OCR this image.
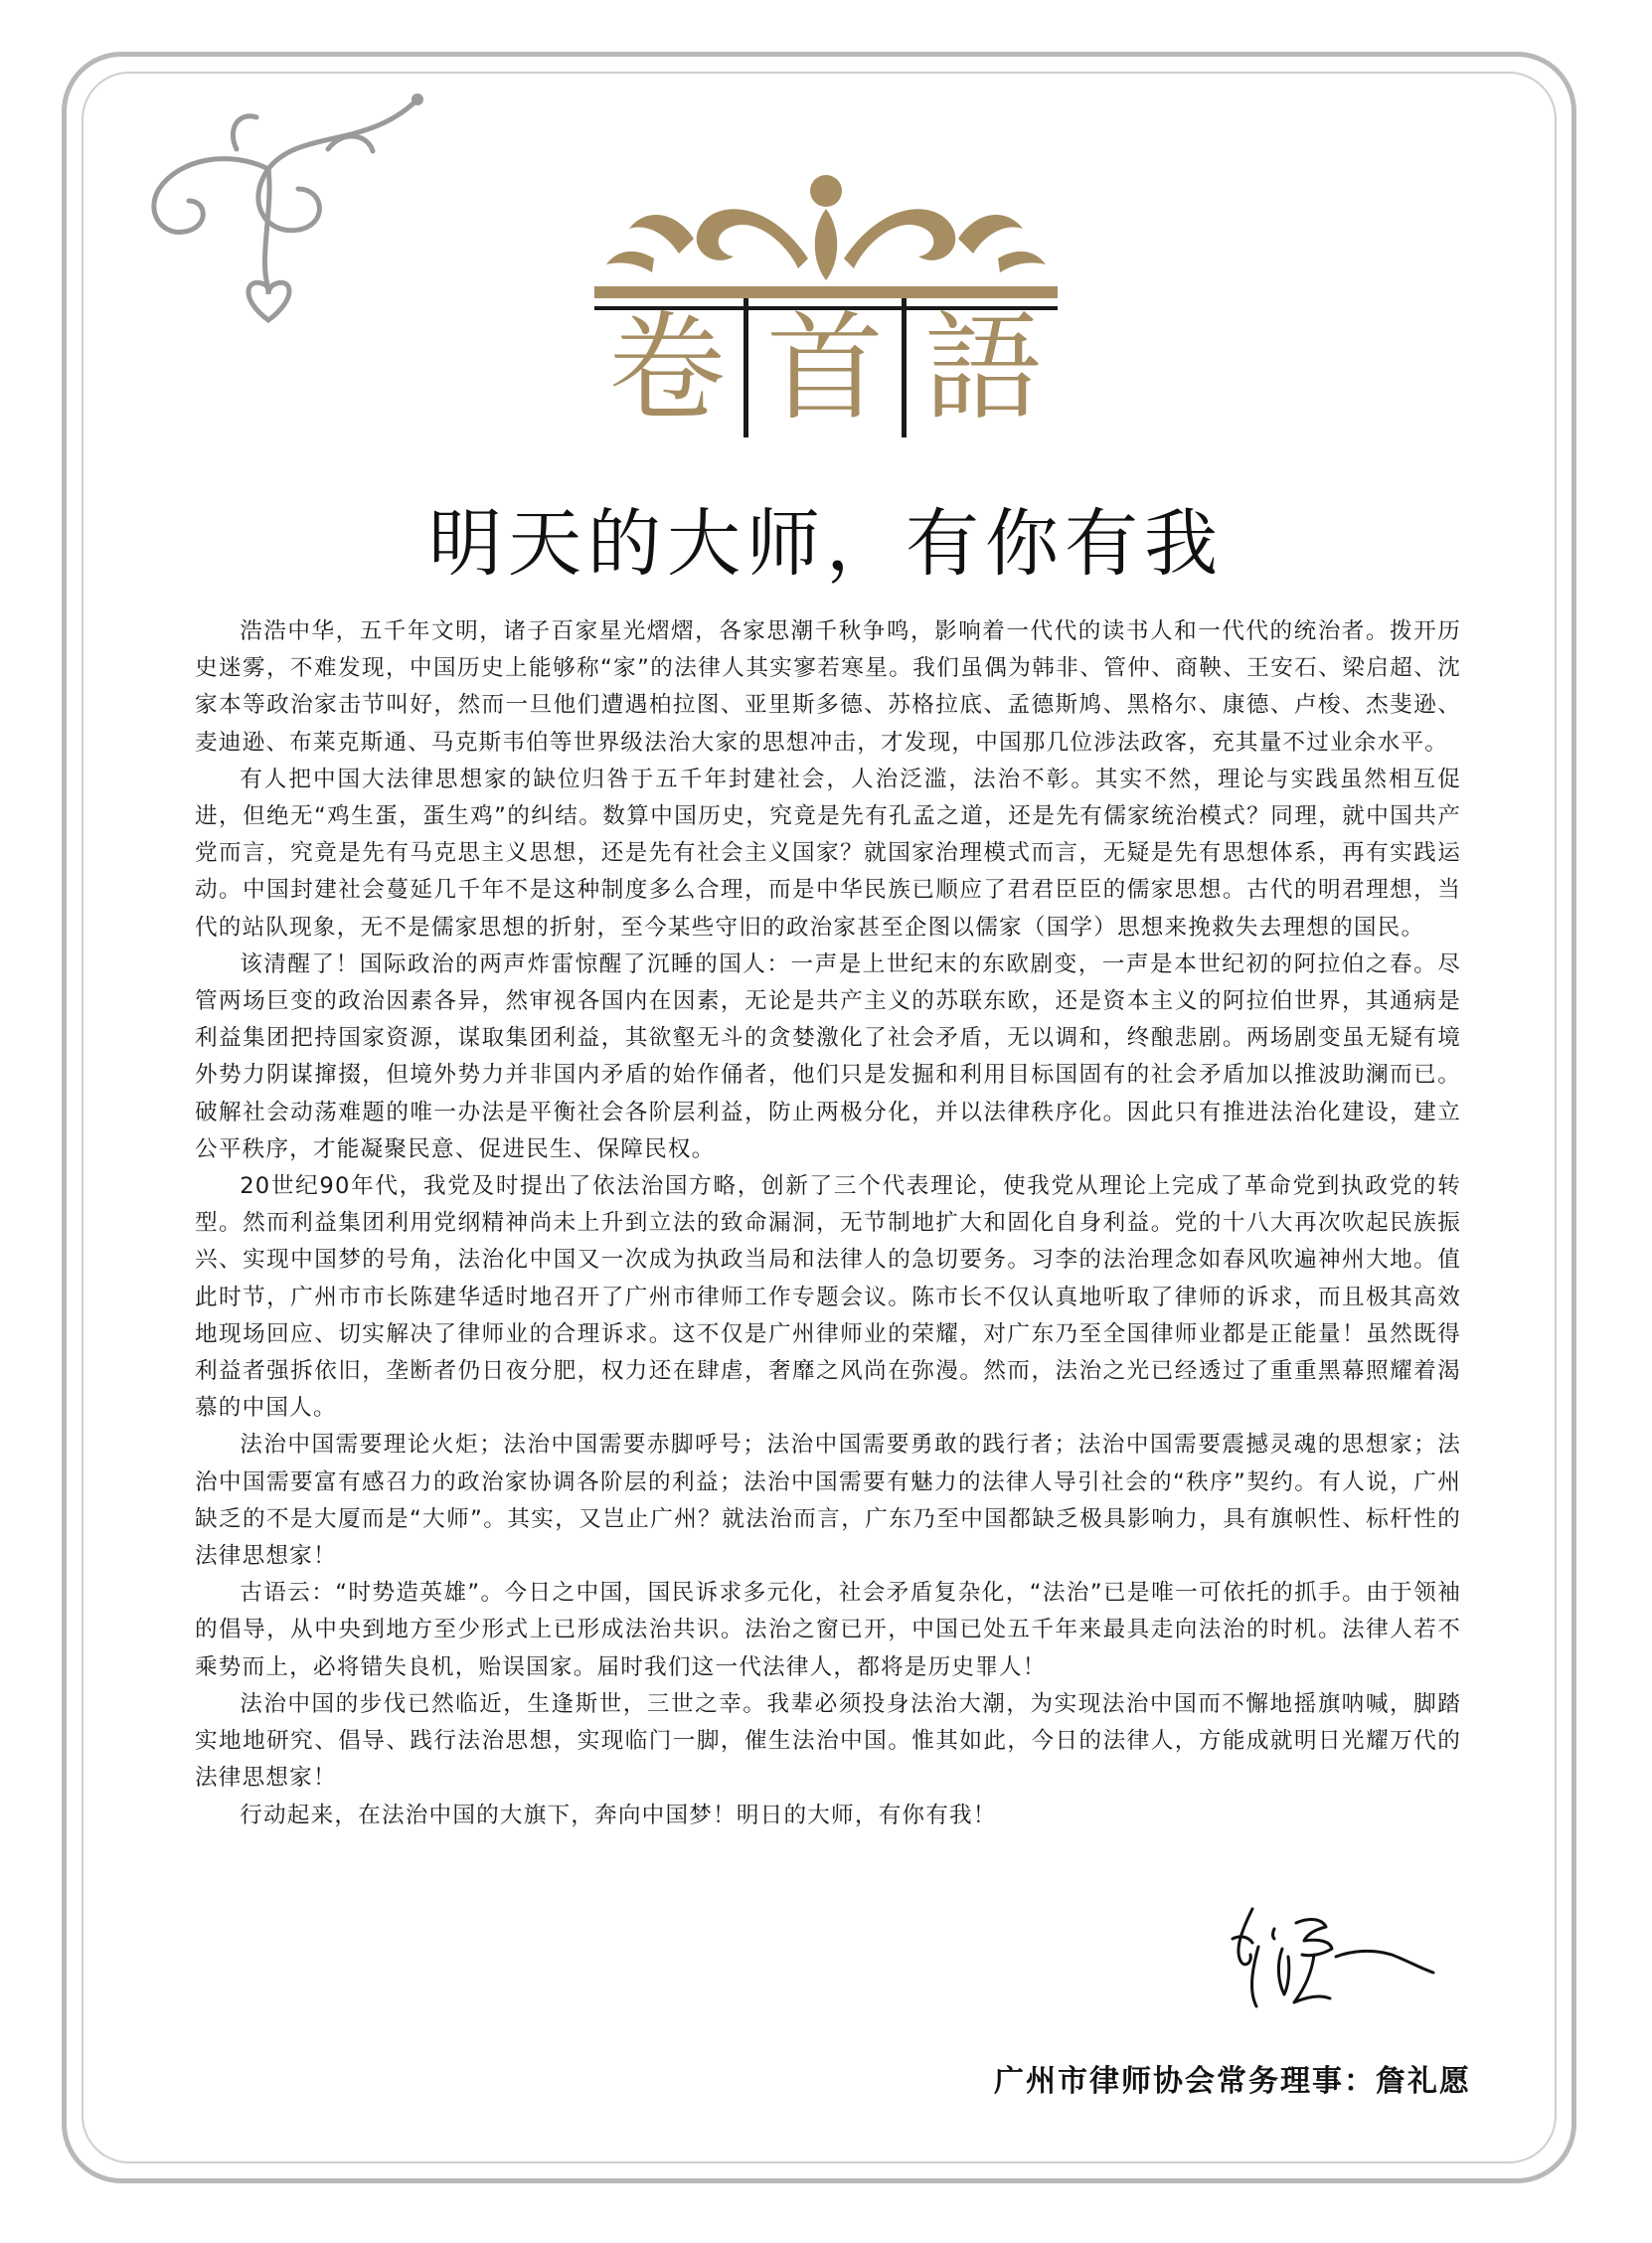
卷 首 語
明天的大师，有你有我

浩浩中华，五千年文明，诸子百家星光熠熠，各家思潮千秋争鸣，影响着一代代的读书人和一代代的统治者。拨开历史迷雾，不难发现，中国历史上能够称“家”的法律人其实寥若寒星。我们虽偶为韩非、管仲、商鞅、王安石、梁启超、沈家本等政治家击节叫好，然而一旦他们遭遇柏拉图、亚里斯多德、苏格拉底、孟德斯鸠、黑格尔、康德、卢梭、杰斐逊、麦迪逊、布莱克斯通、马克斯韦伯等世界级法治大家的思想冲击，才发现，中国那几位涉法政客，充其量不过业余水平。

有人把中国大法律思想家的缺位归咎于五千年封建社会，人治泛滥，法治不彰。其实不然，理论与实践虽然相互促进，但绝无“鸡生蛋，蛋生鸡”的纠结。数算中国历史，究竟是先有孔孟之道，还是先有儒家统治模式？同理，就中国共产党而言，究竟是先有马克思主义思想，还是先有社会主义国家？就国家治理模式而言，无疑是先有思想体系，再有实践运动。中国封建社会蔓延几千年不是这种制度多么合理，而是中华民族已顺应了君君臣臣的儒家思想。古代的明君理想，当代的站队现象，无不是儒家思想的折射，至今某些守旧的政治家甚至企图以儒家（国学）思想来挽救失去理想的国民。

该清醒了！国际政治的两声炸雷惊醒了沉睡的国人：一声是上世纪末的东欧剧变，一声是本世纪初的阿拉伯之春。尽管两场巨变的政治因素各异，然审视各国内在因素，无论是共产主义的苏联东欧，还是资本主义的阿拉伯世界，其通病是利益集团把持国家资源，谋取集团利益，其欲壑无斗的贪婪激化了社会矛盾，无以调和，终酿悲剧。两场剧变虽无疑有境外势力阴谋撺掇，但境外势力并非国内矛盾的始作俑者，他们只是发掘和利用目标国固有的社会矛盾加以推波助澜而已。破解社会动荡难题的唯一办法是平衡社会各阶层利益，防止两极分化，并以法律秩序化。因此只有推进法治化建设，建立公平秩序，才能凝聚民意、促进民生、保障民权。

20世纪90年代，我党及时提出了依法治国方略，创新了三个代表理论，使我党从理论上完成了革命党到执政党的转型。然而利益集团利用党纲精神尚未上升到立法的致命漏洞，无节制地扩大和固化自身利益。党的十八大再次吹起民族振兴、实现中国梦的号角，法治化中国又一次成为执政当局和法律人的急切要务。习李的法治理念如春风吹遍神州大地。值此时节，广州市市长陈建华适时地召开了广州市律师工作专题会议。陈市长不仅认真地听取了律师的诉求，而且极其高效地现场回应、切实解决了律师业的合理诉求。这不仅是广州律师业的荣耀，对广东乃至全国律师业都是正能量！虽然既得利益者强拆依旧，垄断者仍日夜分肥，权力还在肆虐，奢靡之风尚在弥漫。然而，法治之光已经透过了重重黑幕照耀着渴慕的中国人。

法治中国需要理论火炬；法治中国需要赤脚呼号；法治中国需要勇敢的践行者；法治中国需要震撼灵魂的思想家；法治中国需要富有感召力的政治家协调各阶层的利益；法治中国需要有魅力的法律人导引社会的“秩序”契约。有人说，广州缺乏的不是大厦而是“大师”。其实，又岂止广州？就法治而言，广东乃至中国都缺乏极具影响力，具有旗帜性、标杆性的法律思想家！

古语云：“时势造英雄”。今日之中国，国民诉求多元化，社会矛盾复杂化，“法治”已是唯一可依托的抓手。由于领袖的倡导，从中央到地方至少形式上已形成法治共识。法治之窗已开，中国已处五千年来最具走向法治的时机。法律人若不乘势而上，必将错失良机，贻误国家。届时我们这一代法律人，都将是历史罪人！

法治中国的步伐已然临近，生逢斯世，三世之幸。我辈必须投身法治大潮，为实现法治中国而不懈地摇旗呐喊，脚踏实地地研究、倡导、践行法治思想，实现临门一脚，催生法治中国。惟其如此，今日的法律人，方能成就明日光耀万代的法律思想家！

行动起来，在法治中国的大旗下，奔向中国梦！明日的大师，有你有我！

广州市律师协会常务理事：詹礼愿
